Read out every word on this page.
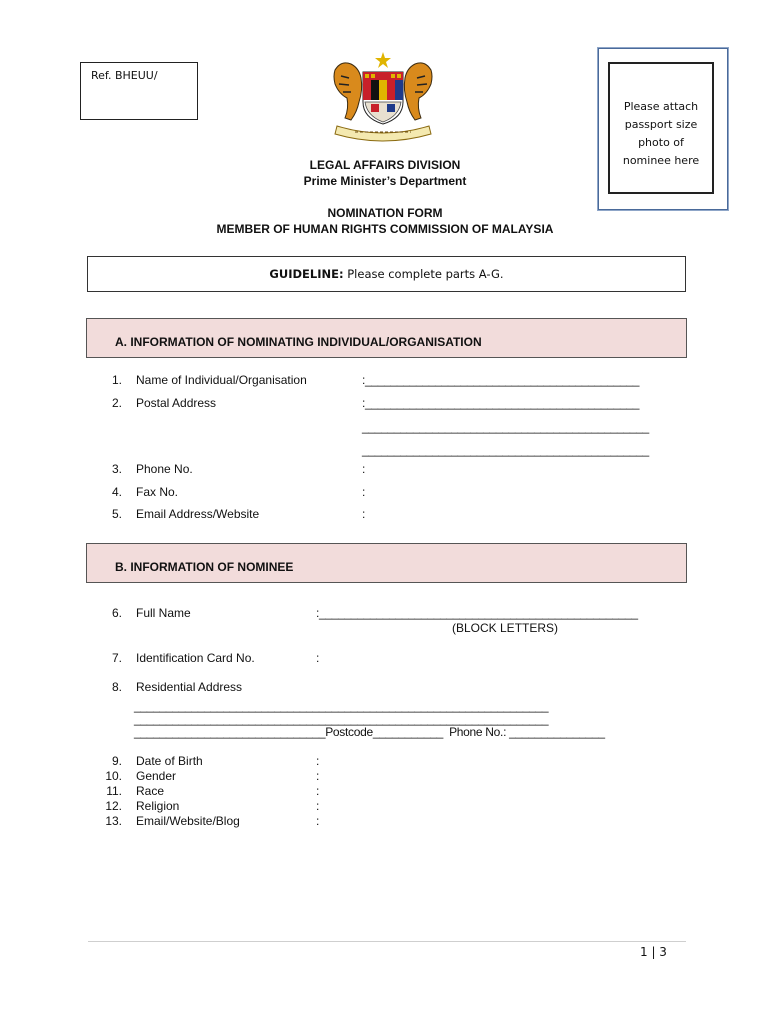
Ref. BHEUU/
Please attach
passport size
photo of
nominee here
LEGAL AFFAIRS DIVISION
Prime Minister’s Department
NOMINATION FORM
MEMBER OF HUMAN RIGHTS COMMISSION OF MALAYSIA
GUIDELINE: Please complete parts A-G.
A. INFORMATION OF NOMINATING INDIVIDUAL/ORGANISATION
1. Name of Individual/Organisation	:___________________________________________
2. Postal Address	:___________________________________________
_____________________________________________
_____________________________________________
3. Phone No.	:
4. Fax No.	:
5. Email Address/Website	:
B. INFORMATION OF NOMINEE
6. Full Name	:__________________________________________________
(BLOCK LETTERS)
7. Identification Card No.	:
8. Residential Address
_________________________________________________________________
_________________________________________________________________
______________________________Postcode___________ Phone No.: _______________
9. Date of Birth	:
10. Gender	:
11. Race	:
12. Religion	:
13. Email/Website/Blog	:
1 | 3
